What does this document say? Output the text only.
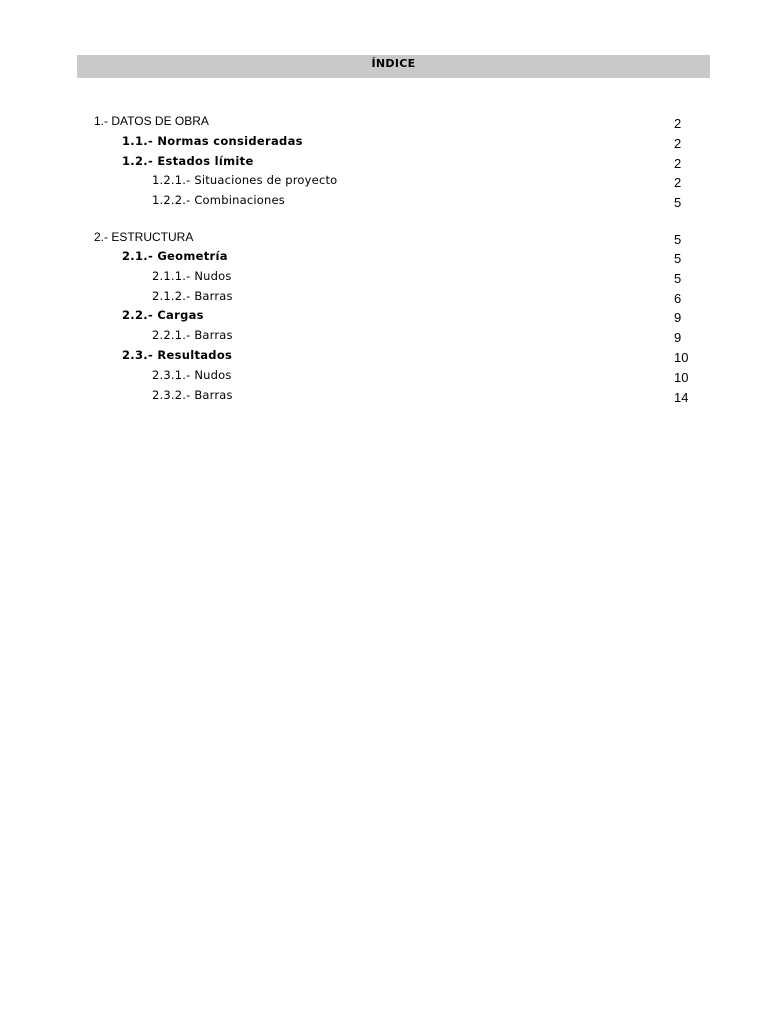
ÍNDICE
1.- DATOS DE OBRA	2
1.1.- Normas consideradas	2
1.2.- Estados límite	2
1.2.1.- Situaciones de proyecto	2
1.2.2.- Combinaciones	5
2.- ESTRUCTURA	5
2.1.- Geometría	5
2.1.1.- Nudos	5
2.1.2.- Barras	6
2.2.- Cargas	9
2.2.1.- Barras	9
2.3.- Resultados	10
2.3.1.- Nudos	10
2.3.2.- Barras	14
